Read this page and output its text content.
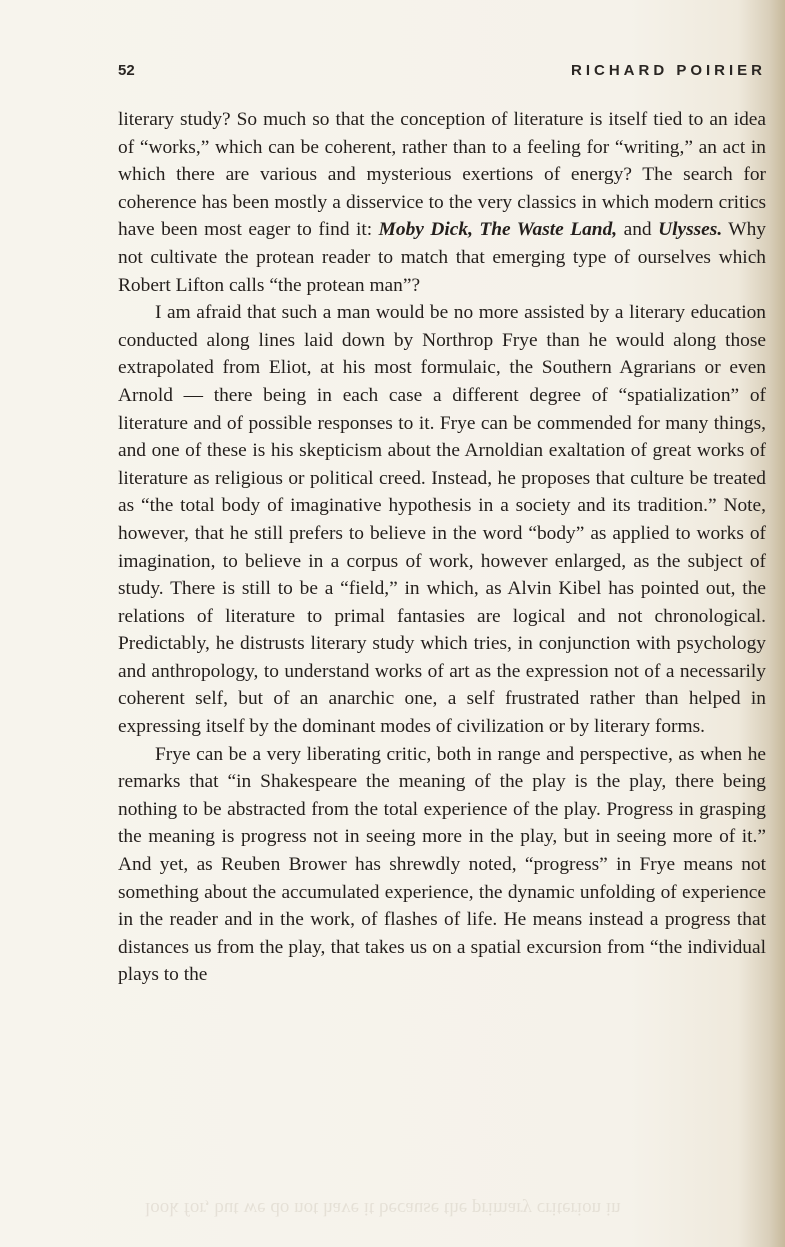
52	RICHARD POIRIER

literary study? So much so that the conception of literature is itself tied to an idea of “works,” which can be coherent, rather than to a feeling for “writing,” an act in which there are various and mysterious exertions of energy? The search for coherence has been mostly a disservice to the very classics in which modern critics have been most eager to find it: Moby Dick, The Waste Land, and Ulysses. Why not cultivate the protean reader to match that emerging type of ourselves which Robert Lifton calls “the protean man”?

I am afraid that such a man would be no more assisted by a literary education conducted along lines laid down by Northrop Frye than he would along those extrapolated from Eliot, at his most formulaic, the Southern Agrarians or even Arnold — there being in each case a different degree of “spatialization” of literature and of possible responses to it. Frye can be commended for many things, and one of these is his skepticism about the Arnoldian exaltation of great works of literature as religious or political creed. Instead, he proposes that culture be treated as “the total body of imaginative hypothesis in a society and its tradition.” Note, however, that he still prefers to believe in the word “body” as applied to works of imagination, to believe in a corpus of work, however enlarged, as the subject of study. There is still to be a “field,” in which, as Alvin Kibel has pointed out, the relations of literature to primal fantasies are logical and not chronological. Predictably, he distrusts literary study which tries, in conjunction with psychology and anthropology, to understand works of art as the expression not of a necessarily coherent self, but of an anarchic one, a self frustrated rather than helped in expressing itself by the dominant modes of civilization or by literary forms.

Frye can be a very liberating critic, both in range and perspective, as when he remarks that “in Shakespeare the meaning of the play is the play, there being nothing to be abstracted from the total experience of the play. Progress in grasping the meaning is progress not in seeing more in the play, but in seeing more of it.” And yet, as Reuben Brower has shrewdly noted, “progress” in Frye means not something about the accumulated experience, the dynamic unfolding of experience in the reader and in the work, of flashes of life. He means instead a progress that distances us from the play, that takes us on a spatial excursion from “the individual plays to the

look for, but we do not have it because the primary criterion in
